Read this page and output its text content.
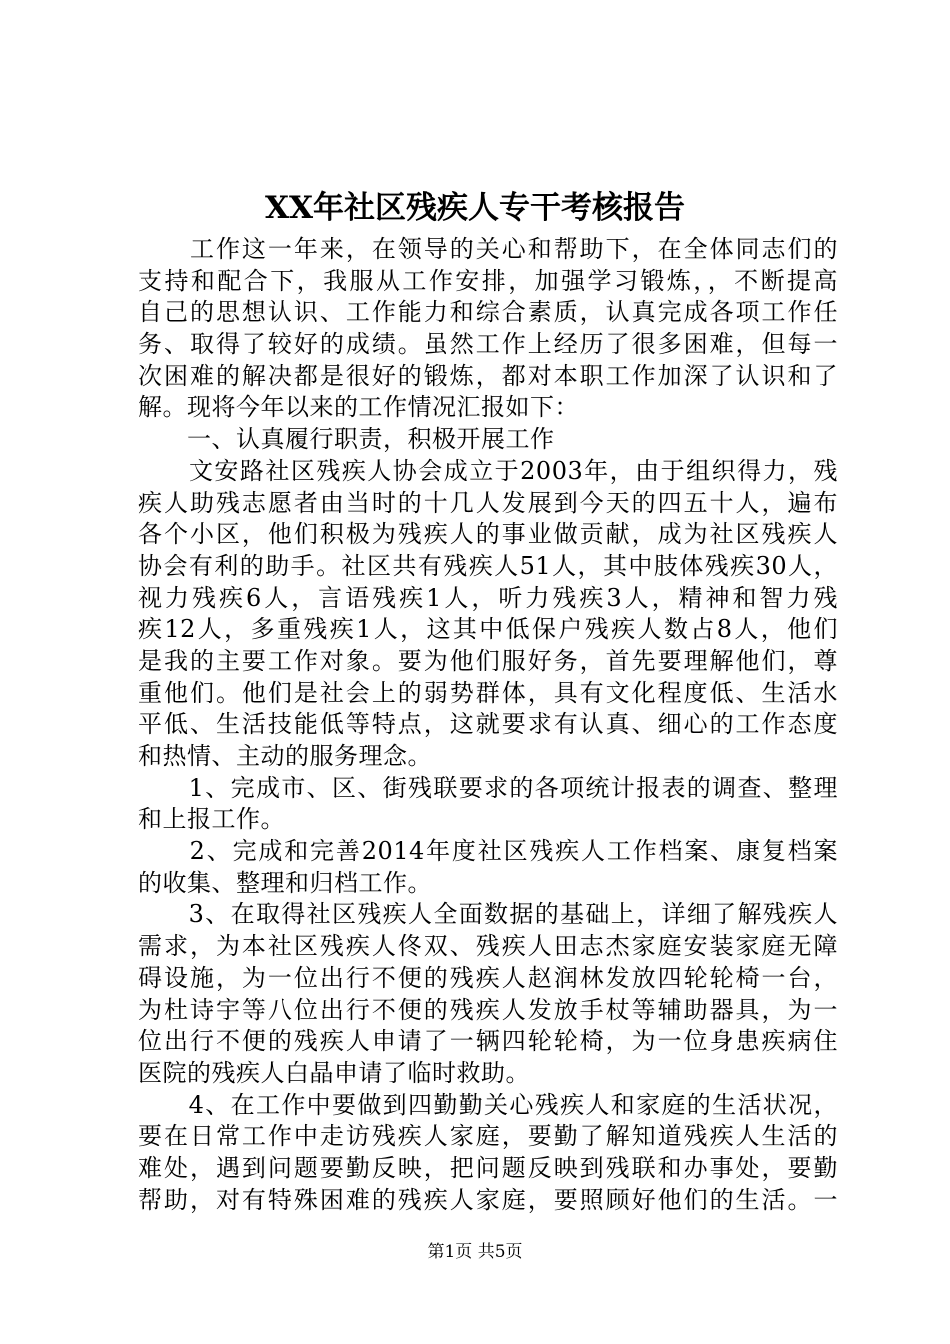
XX年社区残疾人专干考核报告
　　工作这一年来，在领导的关心和帮助下，在全体同志们的
支持和配合下，我服从工作安排，加强学习锻炼，，不断提高
自己的思想认识、工作能力和综合素质，认真完成各项工作任
务、取得了较好的成绩。虽然工作上经历了很多困难，但每一
次困难的解决都是很好的锻炼，都对本职工作加深了认识和了
解。现将今年以来的工作情况汇报如下：
　　一、认真履行职责，积极开展工作
　　文安路社区残疾人协会成立于2003年，由于组织得力，残
疾人助残志愿者由当时的十几人发展到今天的四五十人，遍布
各个小区，他们积极为残疾人的事业做贡献，成为社区残疾人
协会有利的助手。社区共有残疾人51人，其中肢体残疾30人，
视力残疾6人，言语残疾1人，听力残疾3人，精神和智力残
疾12人，多重残疾1人，这其中低保户残疾人数占8人，他们
是我的主要工作对象。要为他们服好务，首先要理解他们，尊
重他们。他们是社会上的弱势群体，具有文化程度低、生活水
平低、生活技能低等特点，这就要求有认真、细心的工作态度
和热情、主动的服务理念。
　　1、完成市、区、街残联要求的各项统计报表的调查、整理
和上报工作。
　　2、完成和完善2014年度社区残疾人工作档案、康复档案
的收集、整理和归档工作。
　　3、在取得社区残疾人全面数据的基础上，详细了解残疾人
需求，为本社区残疾人佟双、残疾人田志杰家庭安装家庭无障
碍设施，为一位出行不便的残疾人赵润林发放四轮轮椅一台，
为杜诗宇等八位出行不便的残疾人发放手杖等辅助器具，为一
位出行不便的残疾人申请了一辆四轮轮椅，为一位身患疾病住
医院的残疾人白晶申请了临时救助。
　　4、在工作中要做到四勤勤关心残疾人和家庭的生活状况，
要在日常工作中走访残疾人家庭，要勤了解知道残疾人生活的
难处，遇到问题要勤反映，把问题反映到残联和办事处，要勤
帮助，对有特殊困难的残疾人家庭，要照顾好他们的生活。一
第1页 共5页
